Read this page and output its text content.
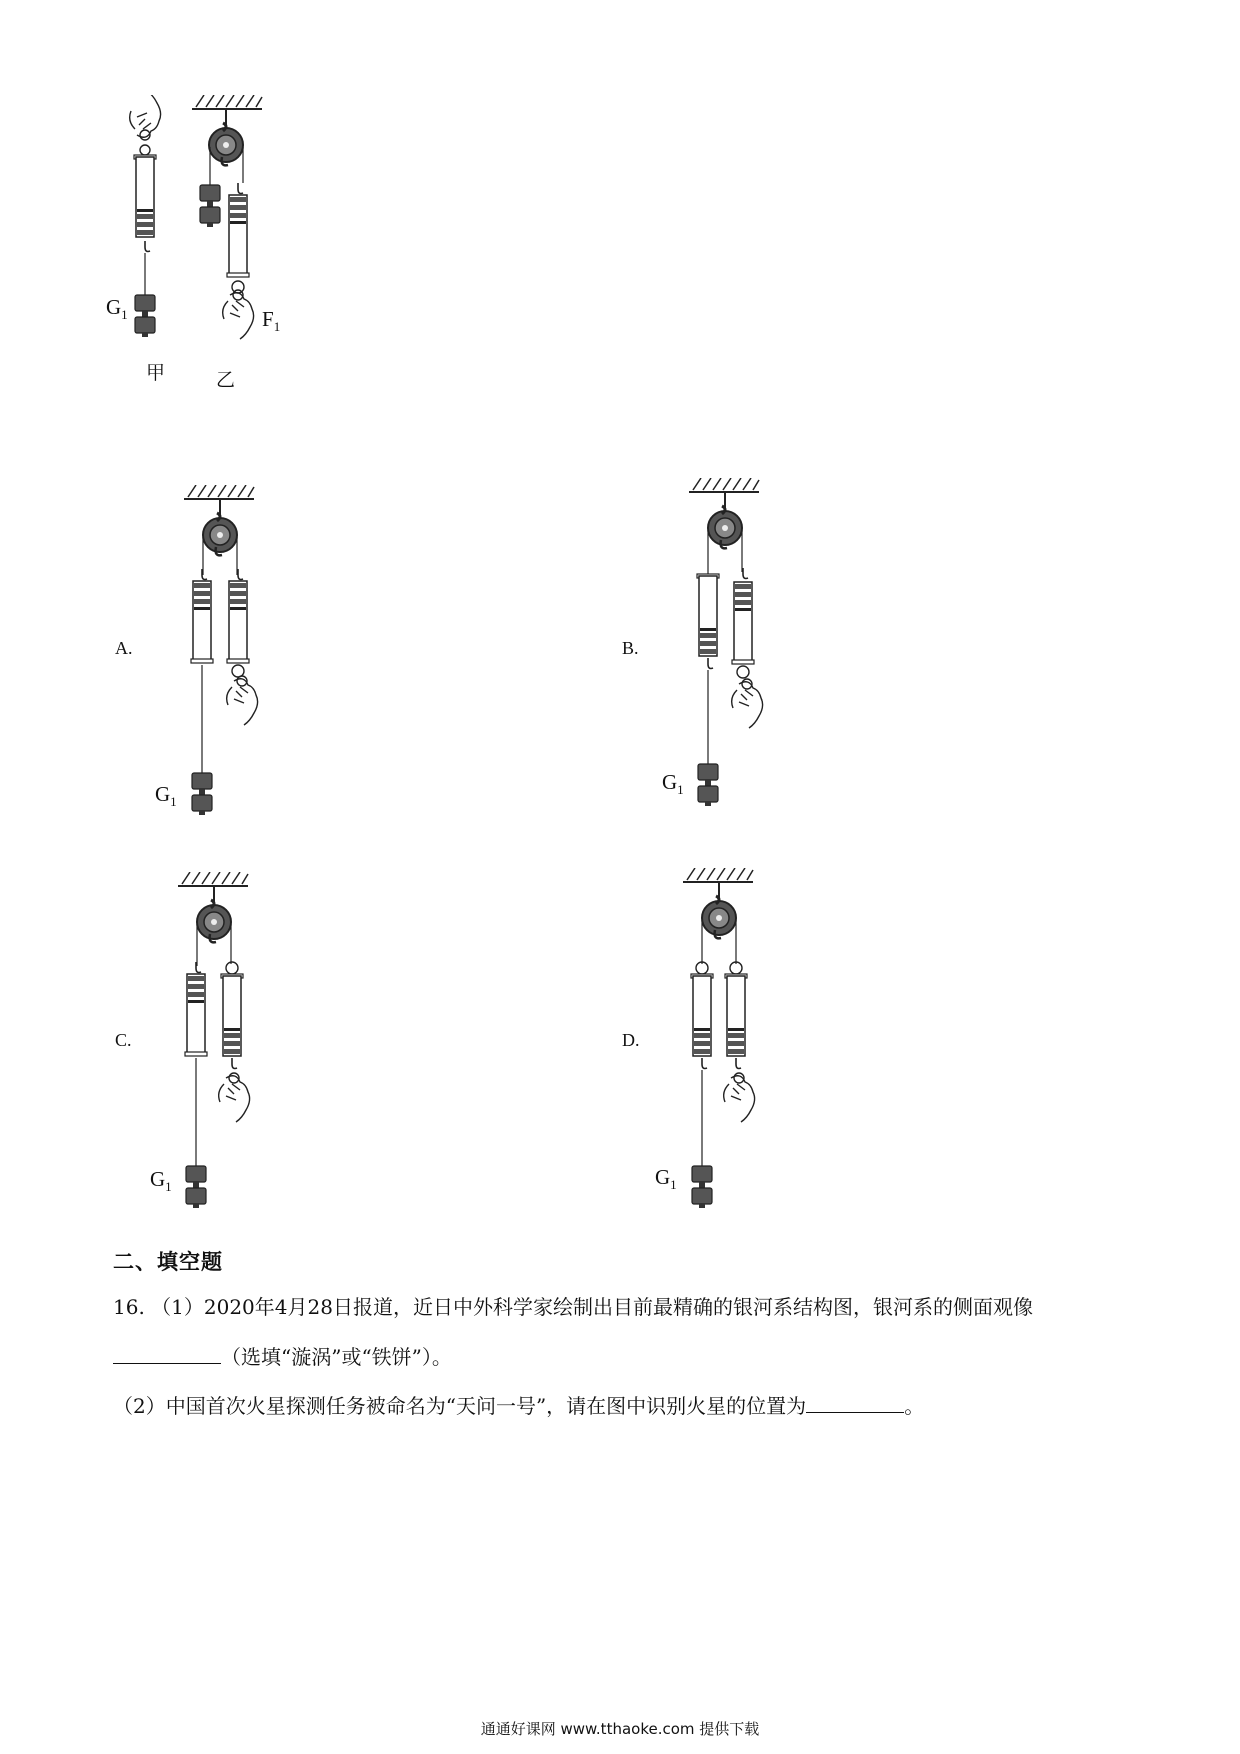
$G_1$	$F_1$
甲	乙
A.
$G_1$
B.
$G_1$
C.
$G_1$
D.
$G_1$
二、填空题
16. （1）2020年4月28日报道，近日中外科学家绘制出目前最精确的银河系结构图，银河系的侧面观像
（选填“漩涡”或“铁饼”）。
（2）中国首次火星探测任务被命名为“天问一号”，请在图中识别火星的位置为	。
通通好课网 www.tthaoke.com 提供下载
